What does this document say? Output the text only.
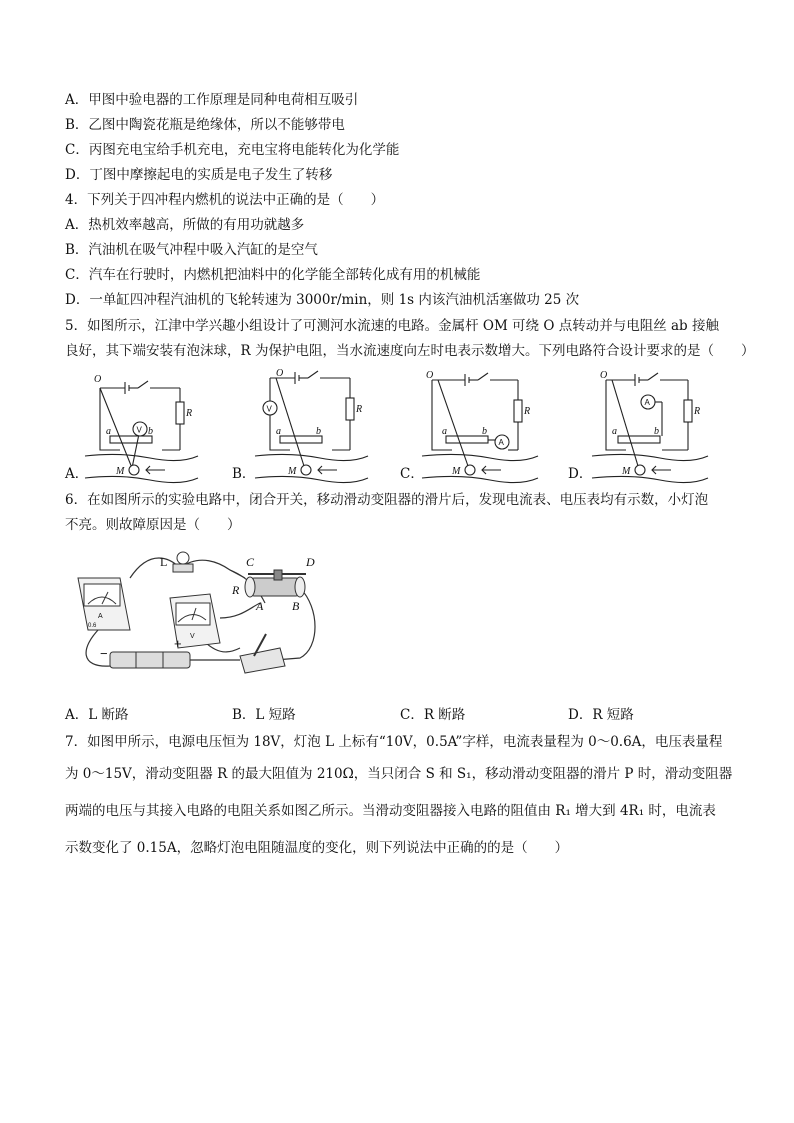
A．甲图中验电器的工作原理是同种电荷相互吸引
B．乙图中陶瓷花瓶是绝缘体，所以不能够带电
C．丙图充电宝给手机充电，充电宝将电能转化为化学能
D．丁图中摩擦起电的实质是电子发生了转移
4．下列关于四冲程内燃机的说法中正确的是（　　）
A．热机效率越高，所做的有用功就越多
B．汽油机在吸气冲程中吸入汽缸的是空气
C．汽车在行驶时，内燃机把油料中的化学能全部转化成有用的机械能
D．一单缸四冲程汽油机的飞轮转速为 3000r/min，则 1s 内该汽油机活塞做功 25 次
5．如图所示，江津中学兴趣小组设计了可测河水流速的电路。金属杆 OM 可绕 O 点转动并与电阻丝 ab 接触
良好，其下端安装有泡沫球，R 为保护电阻，当水流速度向左时电表示数增大。下列电路符合设计要求的是（　　）
O
R
a	b
M
V
A．
O
R
a	b
M
V
B．
O
R
a	b
M
A
C．
O
R
a	b
M
A
D．
6．在如图所示的实验电路中，闭合开关，移动滑动变阻器的滑片后，发现电流表、电压表均有示数，小灯泡
不亮。则故障原因是（　　）
A
0.6
V
L	C	D
R
A B
−
+
A．L 断路	B．L 短路	C．R 断路	D．R 短路
7．如图甲所示，电源电压恒为 18V，灯泡 L 上标有“10V，0.5A”字样，电流表量程为 0～0.6A，电压表量程
为 0～15V，滑动变阻器 R 的最大阻值为 210Ω，当只闭合 S 和 S₁，移动滑动变阻器的滑片 P 时，滑动变阻器
两端的电压与其接入电路的电阻关系如图乙所示。当滑动变阻器接入电路的阻值由 R₁ 增大到 4R₁ 时，电流表
示数变化了 0.15A，忽略灯泡电阻随温度的变化，则下列说法中正确的的是（　　）
